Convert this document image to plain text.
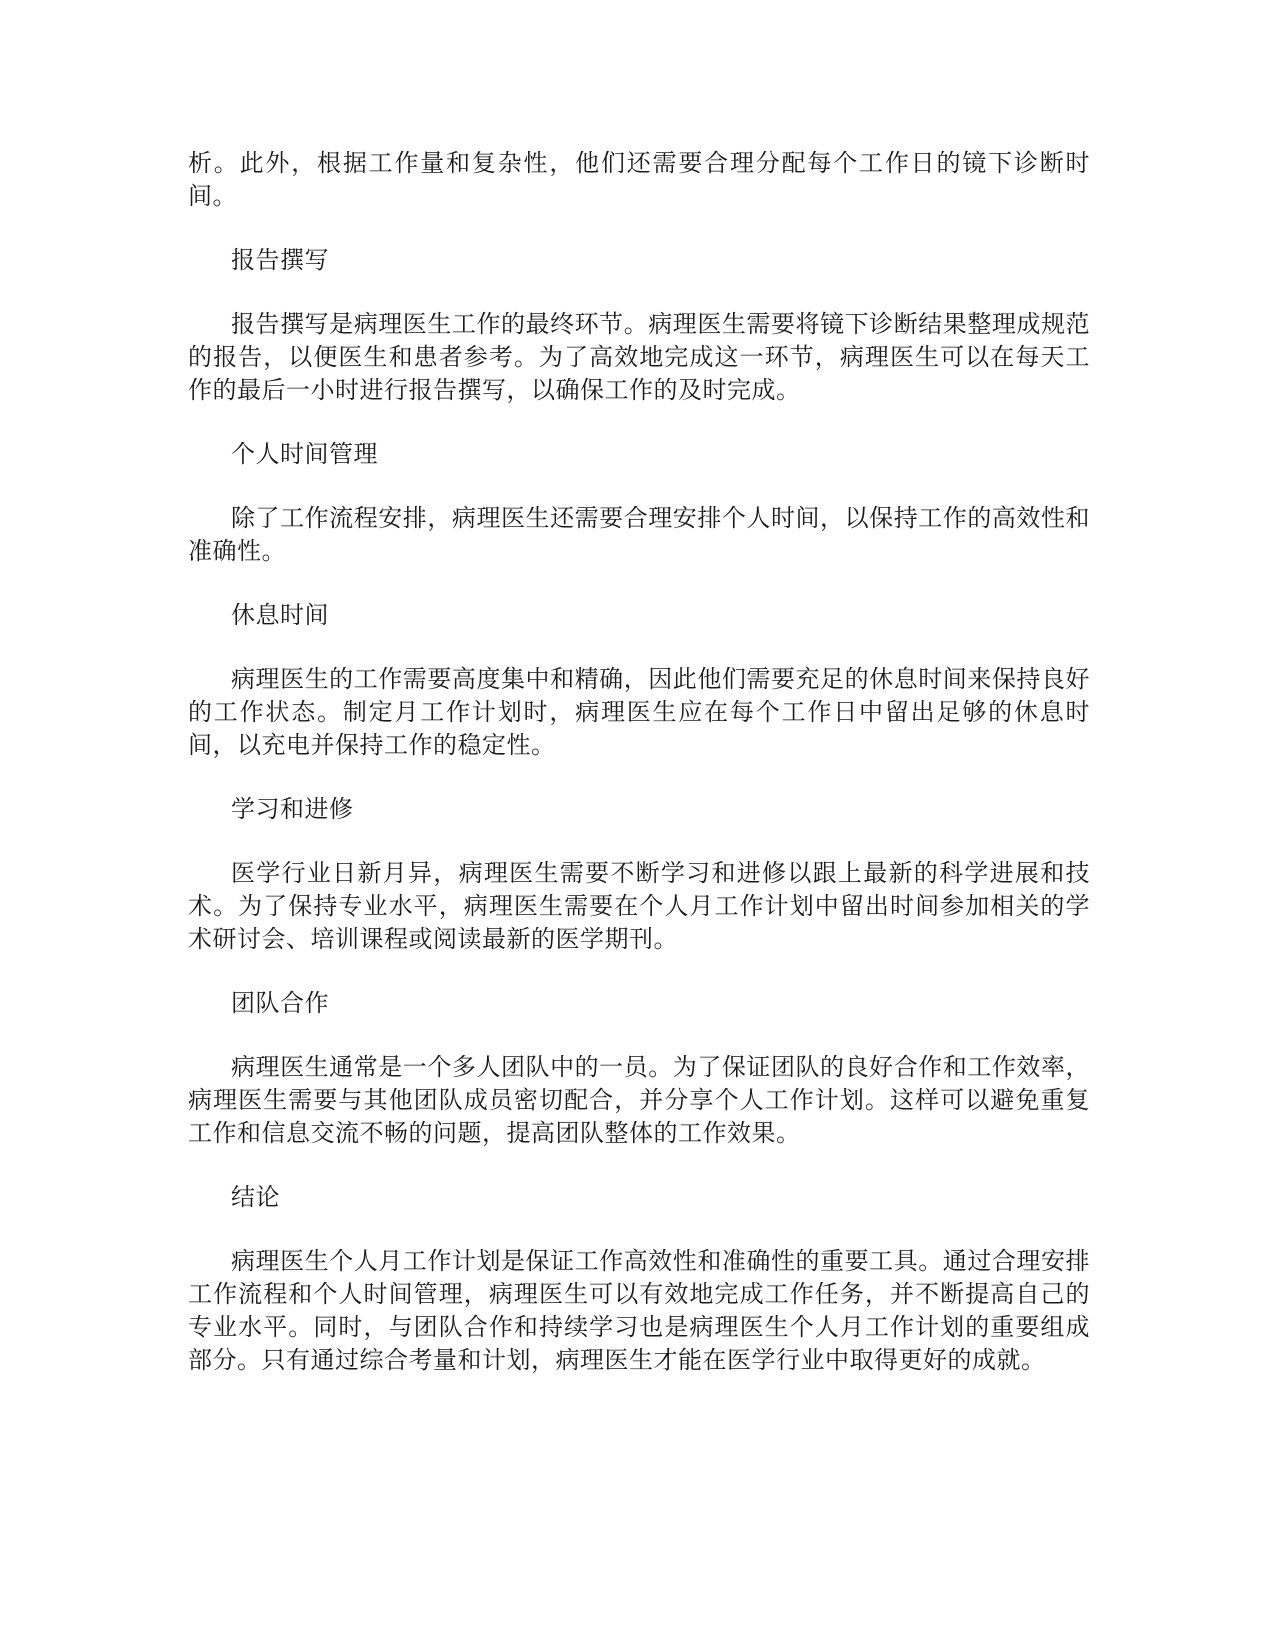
析。此外，根据工作量和复杂性，他们还需要合理分配每个工作日的镜下诊断时间。

报告撰写

报告撰写是病理医生工作的最终环节。病理医生需要将镜下诊断结果整理成规范的报告，以便医生和患者参考。为了高效地完成这一环节，病理医生可以在每天工作的最后一小时进行报告撰写，以确保工作的及时完成。

个人时间管理

除了工作流程安排，病理医生还需要合理安排个人时间，以保持工作的高效性和准确性。

休息时间

病理医生的工作需要高度集中和精确，因此他们需要充足的休息时间来保持良好的工作状态。制定月工作计划时，病理医生应在每个工作日中留出足够的休息时间，以充电并保持工作的稳定性。

学习和进修

医学行业日新月异，病理医生需要不断学习和进修以跟上最新的科学进展和技术。为了保持专业水平，病理医生需要在个人月工作计划中留出时间参加相关的学术研讨会、培训课程或阅读最新的医学期刊。

团队合作

病理医生通常是一个多人团队中的一员。为了保证团队的良好合作和工作效率，病理医生需要与其他团队成员密切配合，并分享个人工作计划。这样可以避免重复工作和信息交流不畅的问题，提高团队整体的工作效果。

结论

病理医生个人月工作计划是保证工作高效性和准确性的重要工具。通过合理安排工作流程和个人时间管理，病理医生可以有效地完成工作任务，并不断提高自己的专业水平。同时，与团队合作和持续学习也是病理医生个人月工作计划的重要组成部分。只有通过综合考量和计划，病理医生才能在医学行业中取得更好的成就。
